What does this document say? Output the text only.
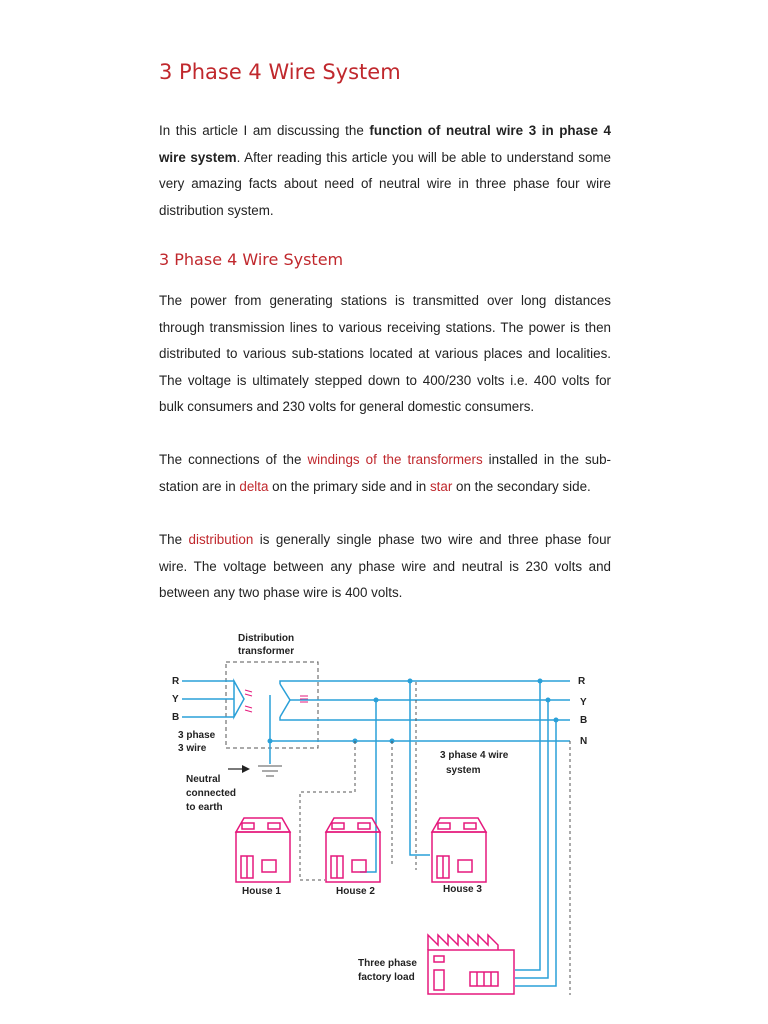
3 Phase 4 Wire System

In this article I am discussing the function of neutral wire 3 in phase 4 wire system. After reading this article you will be able to understand some very amazing facts about need of neutral wire in three phase four wire distribution system.

3 Phase 4 Wire System

The power from generating stations is transmitted over long distances through transmission lines to various receiving stations. The power is then distributed to various sub-stations located at various places and localities. The voltage is ultimately stepped down to 400/230 volts i.e. 400 volts for bulk consumers and 230 volts for general domestic consumers.

The connections of the windings of the transformers installed in the sub-station are in delta on the primary side and in star on the secondary side.

The distribution is generally single phase two wire and three phase four wire. The voltage between any phase wire and neutral is 230 volts and between any two phase wire is 400 volts.

Distribution
transformer
R
Y
B
3 phase
3 wire
Neutral
connected
to earth
R
Y
B
N
3 phase 4 wire
system
House 1	House 2	House 3
Three phase
factory load
